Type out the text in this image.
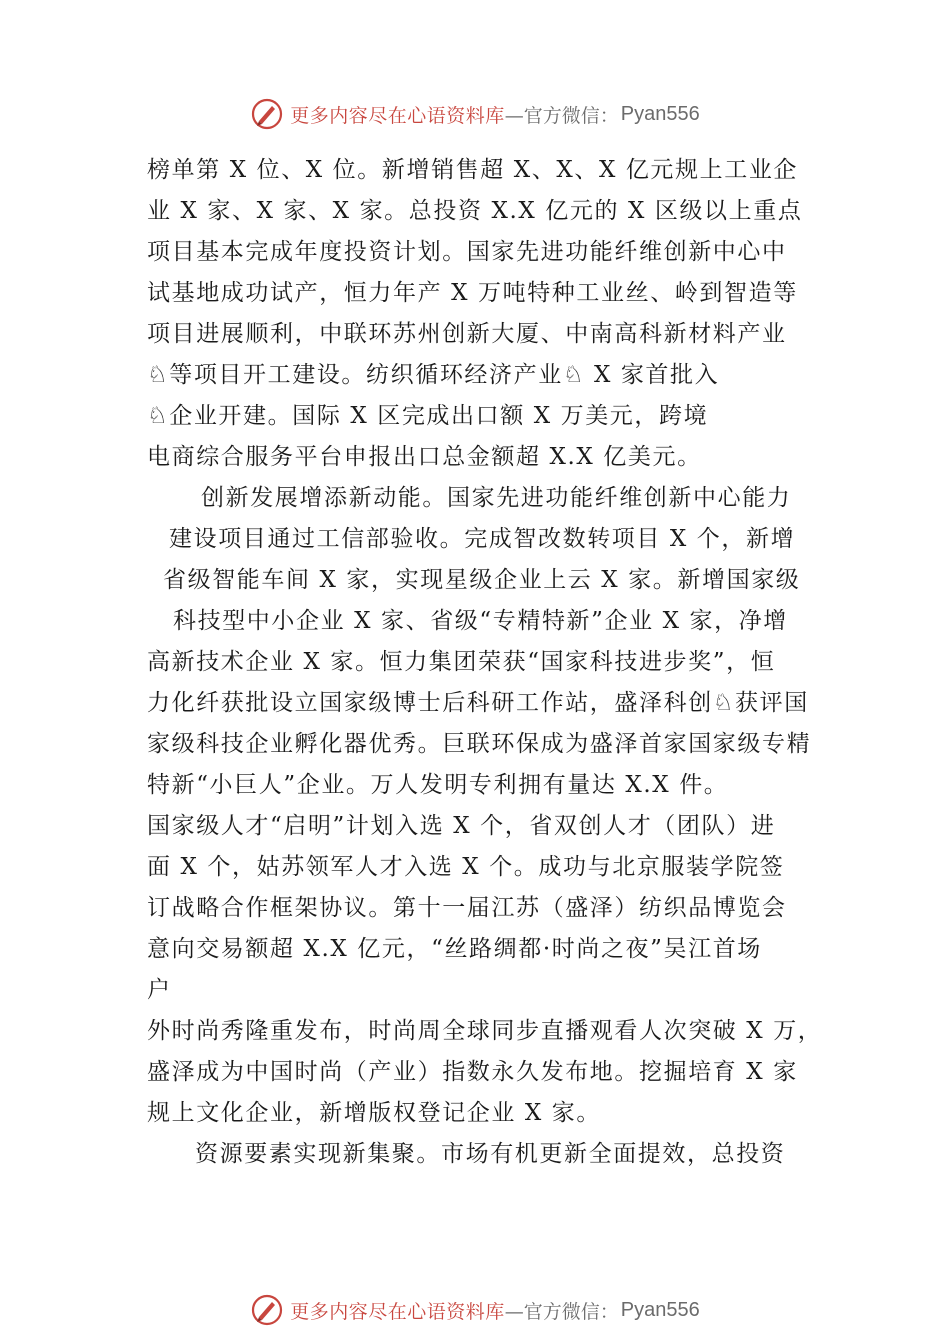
更多内容尽在心语资料库 —官方微信： Pyan556
榜单第 X 位、X 位。新增销售超 X、X、X 亿元规上工业企
业 X 家、X 家、X 家。总投资 X.X 亿元的 X 区级以上重点
项目基本完成年度投资计划。国家先进功能纤维创新中心中
试基地成功试产，恒力年产 X 万吨特种工业丝、岭到智造等
项目进展顺利，中联环苏州创新大厦、中南高科新材料产业
♘等项目开工建设。纺织循环经济产业♘ X 家首批入
♘企业开建。国际 X 区完成出口额 X 万美元，跨境
电商综合服务平台申报出口总金额超 X.X 亿美元。
创新发展增添新动能。国家先进功能纤维创新中心能力
建设项目通过工信部验收。完成智改数转项目 X 个，新增
省级智能车间 X 家，实现星级企业上云 X 家。新增国家级
科技型中小企业 X 家、省级“专精特新”企业 X 家，净增
高新技术企业 X 家。恒力集团荣获“国家科技进步奖”，恒
力化纤获批设立国家级博士后科研工作站，盛泽科创♘获评国
家级科技企业孵化器优秀。巨联环保成为盛泽首家国家级专精
特新“小巨人”企业。万人发明专利拥有量达 X.X 件。
国家级人才“启明”计划入选 X 个，省双创人才（团队）进
面 X 个，姑苏领军人才入选 X 个。成功与北京服装学院签
订战略合作框架协议。第十一届江苏（盛泽）纺织品博览会
意向交易额超 X.X 亿元，“丝路绸都·时尚之夜”吴江首场
户
外时尚秀隆重发布，时尚周全球同步直播观看人次突破 X 万，
盛泽成为中国时尚（产业）指数永久发布地。挖掘培育 X 家
规上文化企业，新增版权登记企业 X 家。
资源要素实现新集聚。市场有机更新全面提效，总投资
更多内容尽在心语资料库 —官方微信： Pyan556
